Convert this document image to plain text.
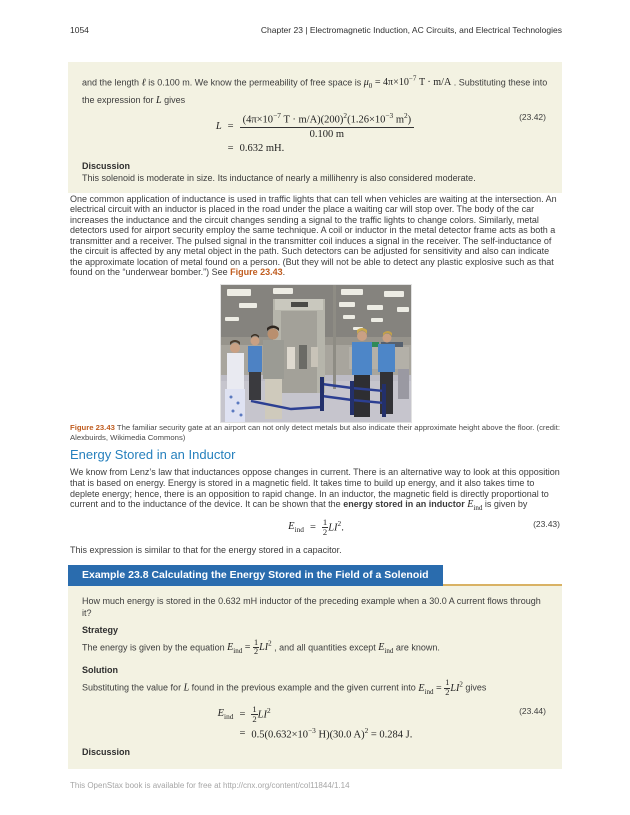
1054	Chapter 23 | Electromagnetic Induction, AC Circuits, and Electrical Technologies

and the length ℓ is 0.100 m. We know the permeability of free space is $\mu_0 = 4\pi\times 10^{-7}$ T · m/A . Substituting these into the expression for L gives

(23.42)
L	=	$\frac{(4\pi\times 10^{-7} T \cdot m/A)(200)^2(1.26\times 10^{-3} m^2)}{0.100 m}$

	=	0.632 mH.

Discussion

This solenoid is moderate in size. Its inductance of nearly a millihenry is also considered moderate.

One common application of inductance is used in traffic lights that can tell when vehicles are waiting at the intersection. An electrical circuit with an inductor is placed in the road under the place a waiting car will stop over. The body of the car increases the inductance and the circuit changes sending a signal to the traffic lights to change colors. Similarly, metal detectors used for airport security employ the same technique. A coil or inductor in the metal detector frame acts as both a transmitter and a receiver. The pulsed signal in the transmitter coil induces a signal in the receiver. The self-inductance of the circuit is affected by any metal object in the path. Such detectors can be adjusted for sensitivity and also can indicate the approximate location of metal found on a person. (But they will not be able to detect any plastic explosive such as that found on the “underwear bomber.”) See Figure 23.43.

Figure 23.43 The familiar security gate at an airport can not only detect metals but also indicate their approximate height above the floor. (credit: Alexbuirds, Wikimedia Commons)

Energy Stored in an Inductor

We know from Lenz’s law that inductances oppose changes in current. There is an alternative way to look at this opposition that is based on energy. Energy is stored in a magnetic field. It takes time to build up energy, and it also takes time to deplete energy; hence, there is an opposition to rapid change. In an inductor, the magnetic field is directly proportional to current and to the inductance of the device. It can be shown that the energy stored in an inductor $E_{ind}$ is given by

(23.43)
$E_{ind}$	=	$\frac{1}{2} LI^2$.

This expression is similar to that for the energy stored in a capacitor.

Example 23.8 Calculating the Energy Stored in the Field of a Solenoid

How much energy is stored in the 0.632 mH inductor of the preceding example when a 30.0 A current flows through it?

Strategy

The energy is given by the equation $E_{ind} = \frac{1}{2} LI^2$ , and all quantities except $E_{ind}$ are known.

Solution

Substituting the value for L found in the previous example and the given current into $E_{ind} = \frac{1}{2} LI^2$ gives

(23.44)
$E_{ind}$	=	$\frac{1}{2} LI^2$
	=	$0.5(0.632\times 10^{-3}$ H)(30.0 A)$^2$ = 0.284 J.

Discussion

This OpenStax book is available for free at http://cnx.org/content/col11844/1.14
